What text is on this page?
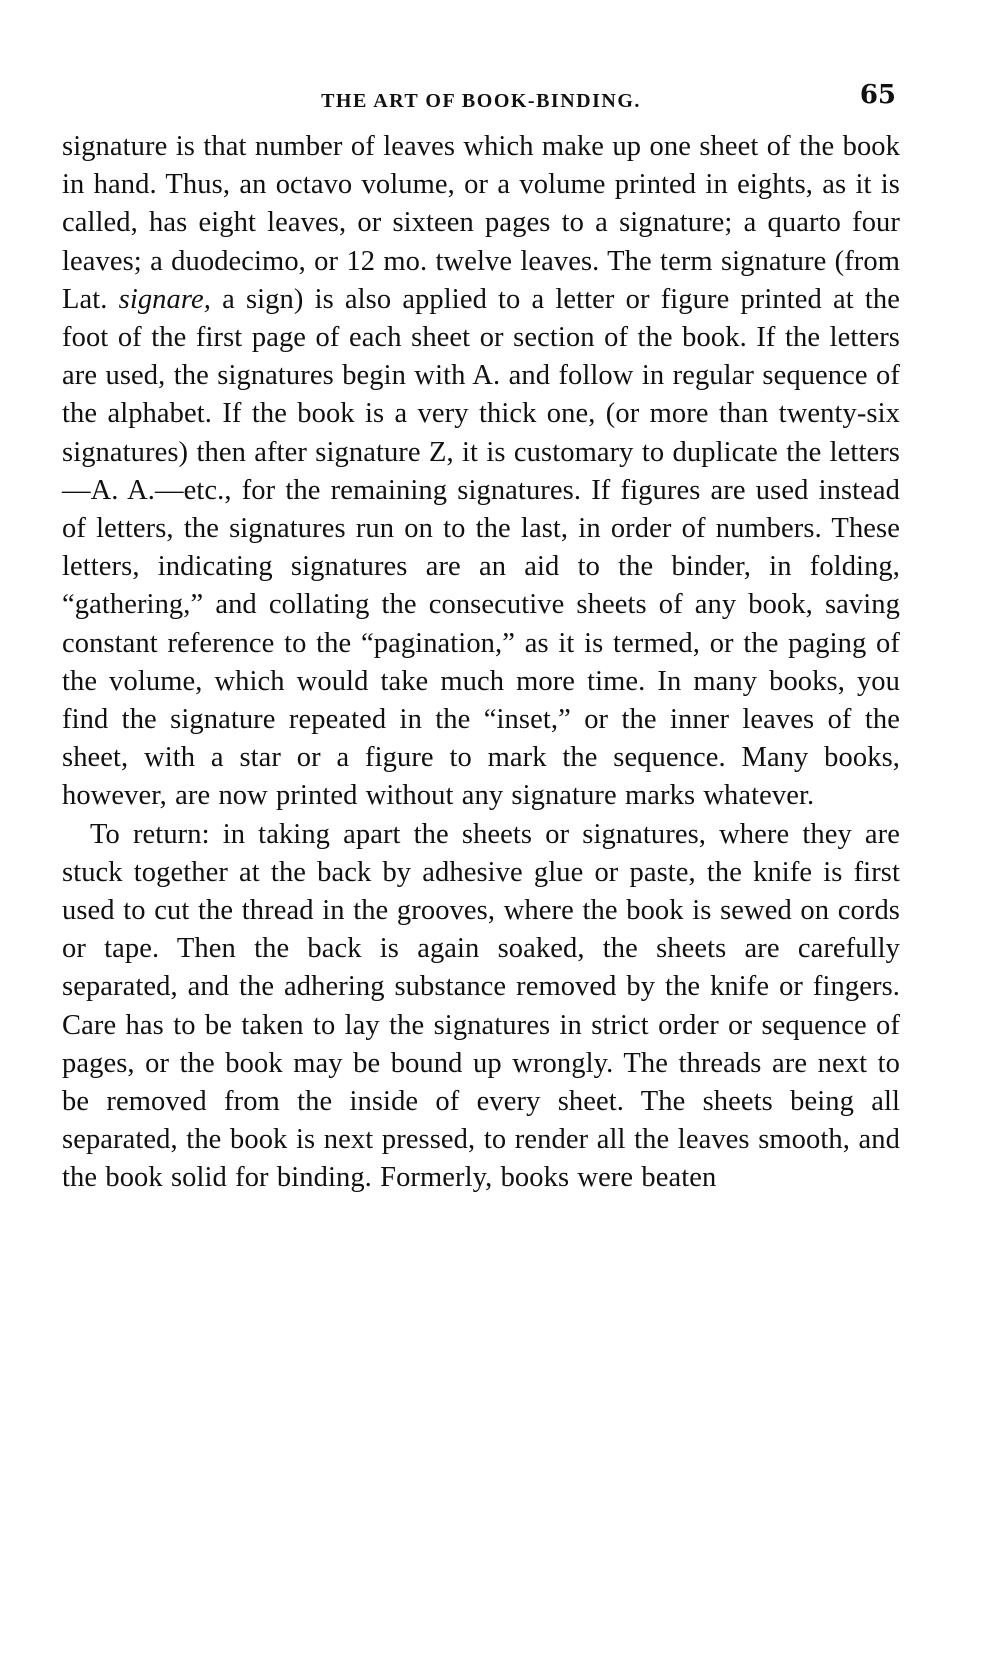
THE ART OF BOOK-BINDING.	65

signature is that number of leaves which make up one sheet of the book in hand. Thus, an octavo volume, or a volume printed in eights, as it is called, has eight leaves, or sixteen pages to a signature; a quarto four leaves; a duodecimo, or 12 mo. twelve leaves. The term signature (from Lat. signare, a sign) is also applied to a letter or figure printed at the foot of the first page of each sheet or section of the book. If the letters are used, the signatures begin with A. and follow in regular sequence of the alphabet. If the book is a very thick one, (or more than twenty-six signatures) then after signature Z, it is customary to duplicate the letters—A. A.—etc., for the remaining signatures. If figures are used instead of letters, the signatures run on to the last, in order of numbers. These letters, indicating signatures are an aid to the binder, in folding, “gathering,” and collating the consecutive sheets of any book, saving constant reference to the “pagination,” as it is termed, or the paging of the volume, which would take much more time. In many books, you find the signature repeated in the “inset,” or the inner leaves of the sheet, with a star or a figure to mark the sequence. Many books, however, are now printed without any signature marks whatever.

To return: in taking apart the sheets or signatures, where they are stuck together at the back by adhesive glue or paste, the knife is first used to cut the thread in the grooves, where the book is sewed on cords or tape. Then the back is again soaked, the sheets are carefully separated, and the adhering substance removed by the knife or fingers. Care has to be taken to lay the signatures in strict order or sequence of pages, or the book may be bound up wrongly. The threads are next to be removed from the inside of every sheet. The sheets being all separated, the book is next pressed, to render all the leaves smooth, and the book solid for binding. Formerly, books were beaten
